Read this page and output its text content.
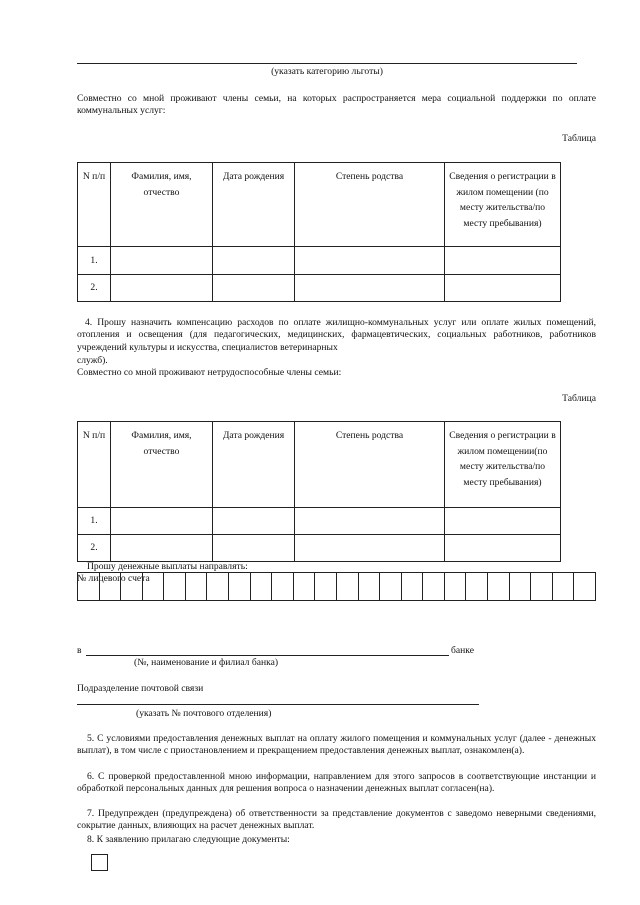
(указать категорию льготы)
Совместно со мной проживают члены семьи, на которых распространяется мера социальной поддержки по оплате коммунальных услуг:
Таблица
N п/п	Фамилия, имя, отчество	Дата рождения	Степень родства	Сведения о регистрации в жилом помещении (по месту жительства/по месту пребывания)
1.				
2.				
4. Прошу назначить компенсацию расходов по оплате жилищно-коммунальных услуг или оплате жилых помещений, отопления и освещения (для педагогических, медицинских, фармацевтических, социальных работников, работников учреждений культуры и искусства, специалистов ветеринарных
служб).
Совместно со мной проживают нетрудоспособные члены семьи:
Таблица
N п/п	Фамилия, имя, отчество	Дата рождения	Степень родства	Сведения о регистрации в жилом помещении(по месту жительства/по месту пребывания)
1.				
2.				
Прошу денежные выплаты направлять:
№ лицевого счета
в	банке
(№, наименование и филиал банка)
Подразделение почтовой связи
(указать № почтового отделения)
5. С условиями предоставления денежных выплат на оплату жилого помещения и коммунальных услуг (далее - денежных выплат), в том числе с приостановлением и прекращением предоставления денежных выплат, ознакомлен(а).
6. С проверкой предоставленной мною информации, направлением для этого запросов в соответствующие инстанции и обработкой персональных данных для решения вопроса о назначении денежных выплат согласен(на).
7. Предупрежден (предупреждена) об ответственности за представление документов с заведомо неверными сведениями, сокрытие данных, влияющих на расчет денежных выплат.
8. К заявлению прилагаю следующие документы:
